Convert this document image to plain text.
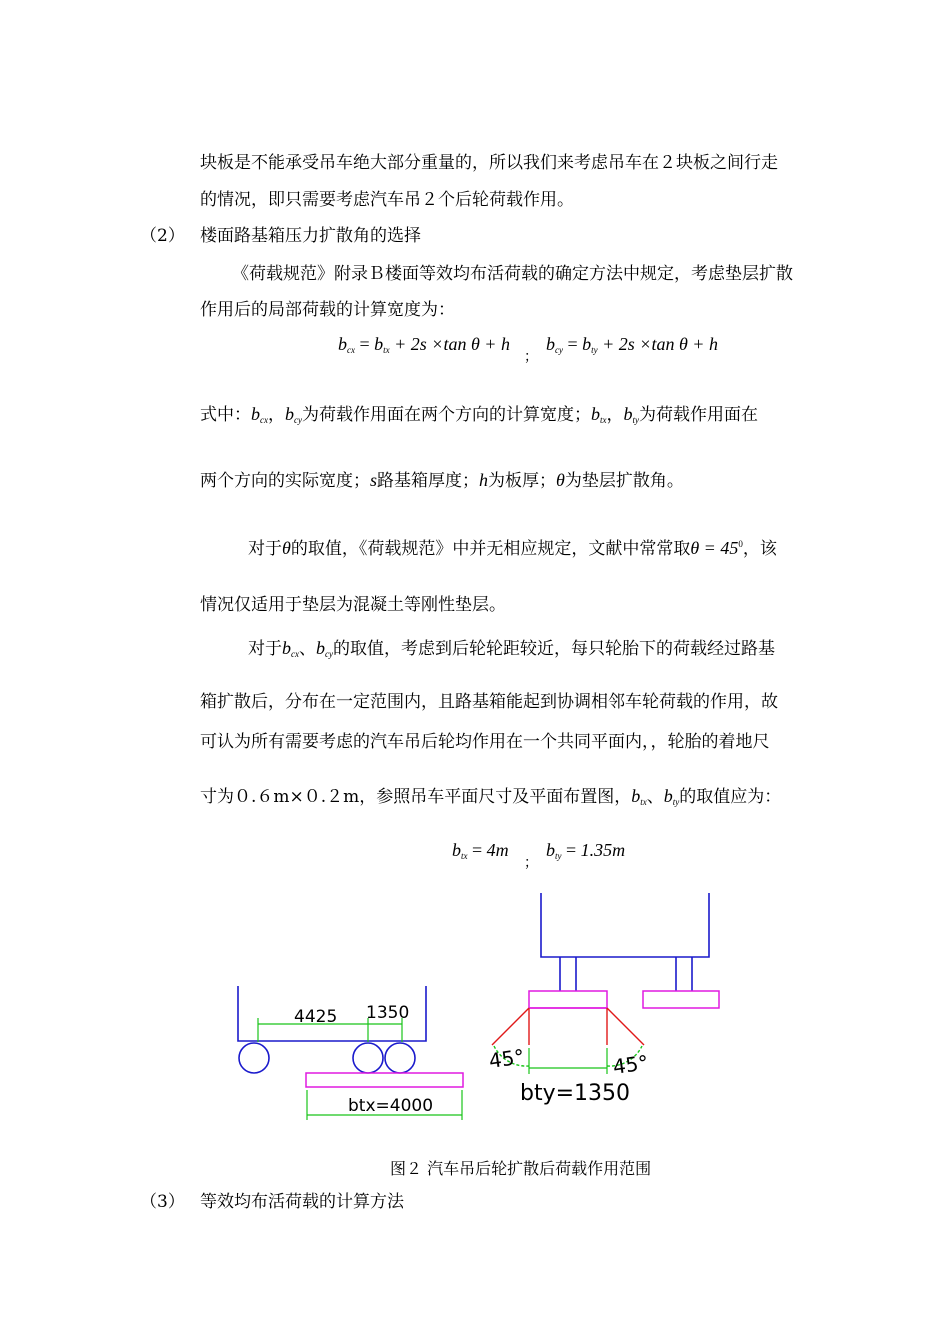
块板是不能承受吊车绝大部分重量的，所以我们来考虑吊车在２块板之间行走
的情况，即只需要考虑汽车吊２个后轮荷载作用。
（2） 楼面路基箱压力扩散角的选择
《荷载规范》附录Ｂ楼面等效均布活荷载的确定方法中规定，考虑垫层扩散
作用后的局部荷载的计算宽度为：
$b_{cx} = b_{tx} + 2s \times\tan$ θ + h
；
$b_{cy} = b_{ty} + 2s \times\tan$ θ + h
式中：$b_{cx}$，$b_{cy}$为荷载作用面在两个方向的计算宽度；$b_{tx}$，$b_{ty}$为荷载作用面在
两个方向的实际宽度；s路基箱厚度；h为板厚；θ为垫层扩散角。
对于θ的取值，《荷载规范》中并无相应规定，文献中常常取$\theta = 45^0$，该
情况仅适用于垫层为混凝土等刚性垫层。
对于$b_{cx}$、$b_{cy}$的取值，考虑到后轮轮距较近，每只轮胎下的荷载经过路基
箱扩散后，分布在一定范围内，且路基箱能起到协调相邻车轮荷载的作用，故
可认为所有需要考虑的汽车吊后轮均作用在一个共同平面内，，轮胎的着地尺
寸为０.６m×０.２m，参照吊车平面尺寸及平面布置图，$b_{tx}$、$b_{ty}$的取值应为：
$b_{tx} = 4m$
；
$b_{ty} = 1.35m$
4425 1350
btx=4000
45°	45°
bty=1350
图２ 汽车吊后轮扩散后荷载作用范围
（3） 等效均布活荷载的计算方法
